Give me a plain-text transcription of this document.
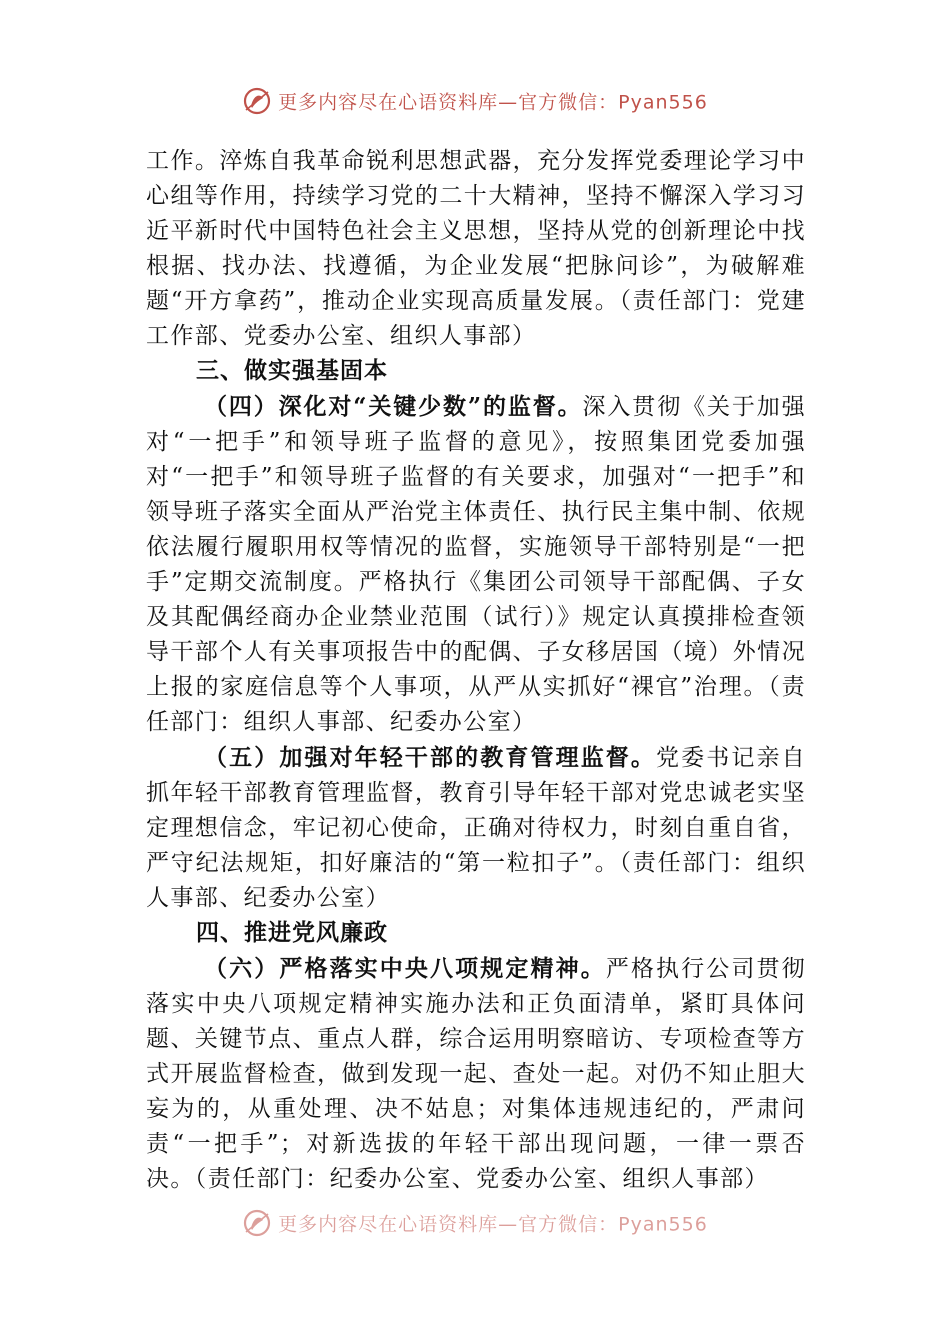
更多内容尽在心语资料库—官方微信：Pyan556

工作。淬炼自我革命锐利思想武器，充分发挥党委理论学习中心组等作用，持续学习党的二十大精神，坚持不懈深入学习习近平新时代中国特色社会主义思想，坚持从党的创新理论中找根据、找办法、找遵循，为企业发展“把脉问诊”，为破解难题“开方拿药”，推动企业实现高质量发展。（责任部门：党建工作部、党委办公室、组织人事部）

三、做实强基固本

（四）深化对“关键少数”的监督。深入贯彻《关于加强对“一把手”和领导班子监督的意见》，按照集团党委加强对“一把手”和领导班子监督的有关要求，加强对“一把手”和领导班子落实全面从严治党主体责任、执行民主集中制、依规依法履行履职用权等情况的监督，实施领导干部特别是“一把手”定期交流制度。严格执行《集团公司领导干部配偶、子女及其配偶经商办企业禁业范围（试行）》规定认真摸排检查领导干部个人有关事项报告中的配偶、子女移居国（境）外情况上报的家庭信息等个人事项，从严从实抓好“裸官”治理。（责任部门：组织人事部、纪委办公室）

（五）加强对年轻干部的教育管理监督。党委书记亲自抓年轻干部教育管理监督，教育引导年轻干部对党忠诚老实坚定理想信念，牢记初心使命，正确对待权力，时刻自重自省，严守纪法规矩，扣好廉洁的“第一粒扣子”。（责任部门：组织人事部、纪委办公室）

四、推进党风廉政

（六）严格落实中央八项规定精神。严格执行公司贯彻落实中央八项规定精神实施办法和正负面清单，紧盯具体问题、关键节点、重点人群，综合运用明察暗访、专项检查等方式开展监督检查，做到发现一起、查处一起。对仍不知止胆大妄为的，从重处理、决不姑息；对集体违规违纪的，严肃问责“一把手”；对新选拔的年轻干部出现问题，一律一票否决。（责任部门：纪委办公室、党委办公室、组织人事部）

更多内容尽在心语资料库—官方微信：Pyan556
